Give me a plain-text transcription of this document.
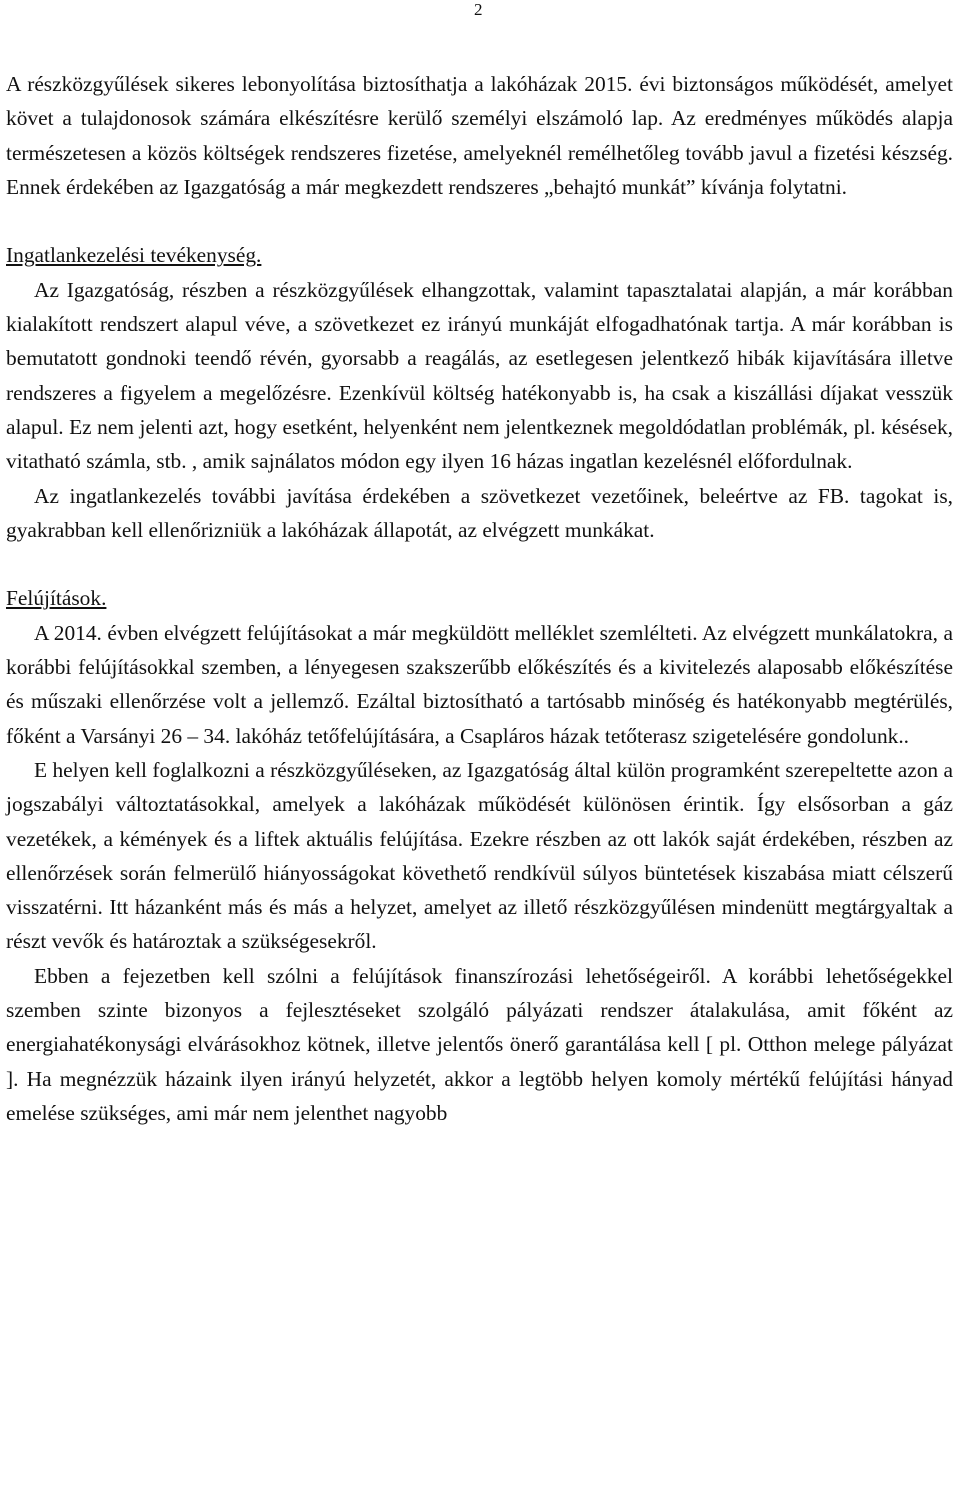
2

A részközgyűlések sikeres lebonyolítása biztosíthatja a lakóházak 2015. évi biztonságos működését, amelyet követ a tulajdonosok számára elkészítésre kerülő személyi elszámoló lap. Az eredményes működés alapja természetesen a közös költségek rendszeres fizetése, amelyeknél remélhetőleg tovább javul a fizetési készség. Ennek érdekében az Igazgatóság a már megkezdett rendszeres „behajtó munkát” kívánja folytatni.

Ingatlankezelési tevékenység.

Az Igazgatóság, részben a részközgyűlések elhangzottak, valamint tapasztalatai alapján, a már korábban kialakított rendszert alapul véve, a szövetkezet ez irányú munkáját elfogadhatónak tartja. A már korábban is bemutatott gondnoki teendő révén, gyorsabb a reagálás, az esetlegesen jelentkező hibák kijavítására illetve rendszeres a figyelem a megelőzésre. Ezenkívül költség hatékonyabb is, ha csak a kiszállási díjakat vesszük alapul. Ez nem jelenti azt, hogy esetként, helyenként nem jelentkeznek megoldódatlan problémák, pl. késések, vitatható számla, stb. , amik sajnálatos módon egy ilyen 16 házas ingatlan kezelésnél előfordulnak.

Az ingatlankezelés további javítása érdekében a szövetkezet vezetőinek, beleértve az FB. tagokat is, gyakrabban kell ellenőrizniük a lakóházak állapotát, az elvégzett munkákat.

Felújítások.

A 2014. évben elvégzett felújításokat a már megküldött melléklet szemlélteti. Az elvégzett munkálatokra, a korábbi felújításokkal szemben, a lényegesen szakszerűbb előkészítés és a kivitelezés alaposabb előkészítése és műszaki ellenőrzése volt a jellemző. Ezáltal biztosítható a tartósabb minőség és hatékonyabb megtérülés, főként a Varsányi 26 – 34. lakóház tetőfelújítására, a Csapláros házak tetőterasz szigetelésére gondolunk..

E helyen kell foglalkozni a részközgyűléseken, az Igazgatóság által külön programként szerepeltette azon a jogszabályi változtatásokkal, amelyek a lakóházak működését különösen érintik. Így elsősorban a gáz vezetékek, a kémények és a liftek aktuális felújítása. Ezekre részben az ott lakók saját érdekében, részben az ellenőrzések során felmerülő hiányosságokat követhető rendkívül súlyos büntetések kiszabása miatt célszerű visszatérni. Itt házanként más és más a helyzet, amelyet az illető részközgyűlésen mindenütt megtárgyaltak a részt vevők és határoztak a szükségesekről.

Ebben a fejezetben kell szólni a felújítások finanszírozási lehetőségeiről. A korábbi lehetőségekkel szemben szinte bizonyos a fejlesztéseket szolgáló pályázati rendszer átalakulása, amit főként az energiahatékonysági elvárásokhoz kötnek, illetve jelentős önerő garantálása kell [ pl. Otthon melege pályázat ]. Ha megnézzük házaink ilyen irányú helyzetét, akkor a legtöbb helyen komoly mértékű felújítási hányad emelése szükséges, ami már nem jelenthet nagyobb
